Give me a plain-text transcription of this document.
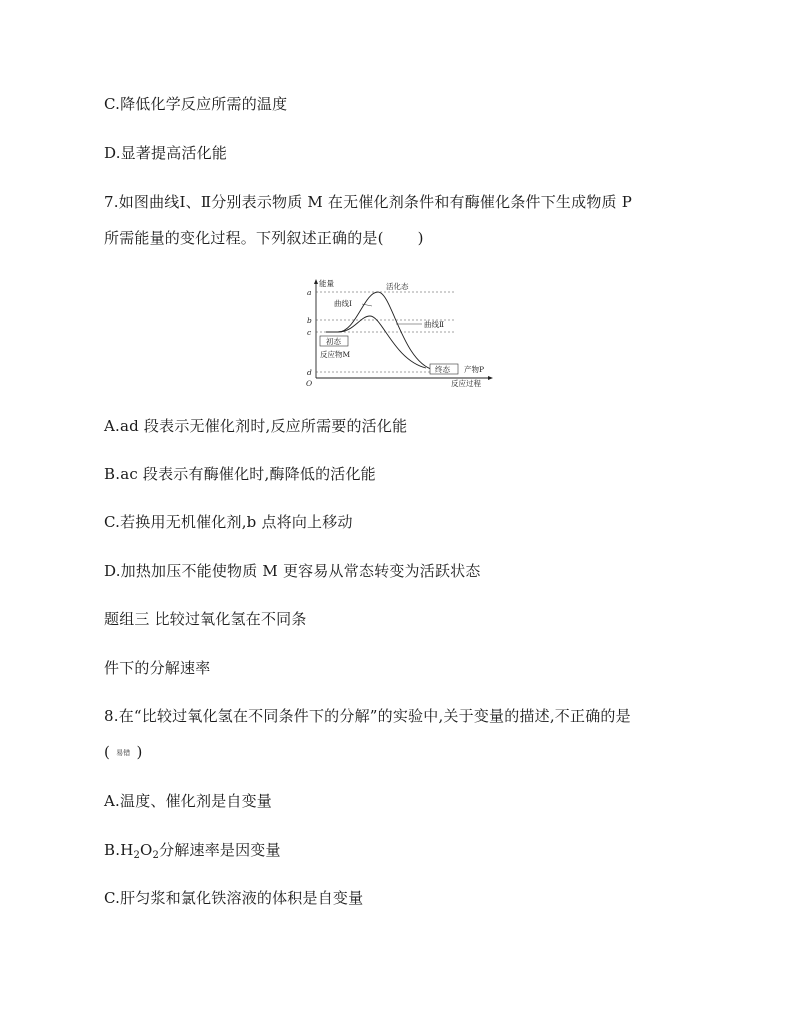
C.降低化学反应所需的温度
D.显著提高活化能
7.如图曲线Ⅰ、Ⅱ分别表示物质 M 在无催化剂条件和有酶催化条件下生成物质 P
所需能量的变化过程。下列叙述正确的是( )
能量
反应过程
O
a
b
c
d
活化态
曲线Ⅰ
曲线Ⅱ
初态
反应物M
终态 产物P
A.ad 段表示无催化剂时,反应所需要的活化能
B.ac 段表示有酶催化时,酶降低的活化能
C.若换用无机催化剂,b 点将向上移动
D.加热加压不能使物质 M 更容易从常态转变为活跃状态
题组三 比较过氧化氢在不同条
件下的分解速率
8.在“比较过氧化氢在不同条件下的分解”的实验中,关于变量的描述,不正确的是
( 易错 )
A.温度、催化剂是自变量
$B.H_2O_2$分解速率是因变量
C.肝匀浆和氯化铁溶液的体积是自变量
